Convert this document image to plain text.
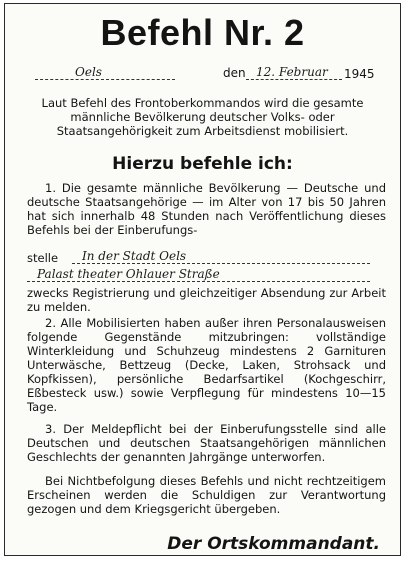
Befehl Nr. 2
Oels	den 12. Februar 1945

Laut Befehl des Frontoberkommandos wird die gesamte männliche Bevölkerung deutscher Volks- oder Staatsangehörigkeit zum Arbeitsdienst mobilisiert.

Hierzu befehle ich:

1. Die gesamte männliche Bevölkerung — Deutsche und deutsche Staatsangehörige — im Alter von 17 bis 50 Jahren hat sich innerhalb 48 Stunden nach Veröffentlichung dieses Befehls bei der Einberufungs-

stelle In der Stadt Oels
Palast theater Ohlauer Straße

zwecks Registrierung und gleichzeitiger Absendung zur Arbeit zu melden.

2. Alle Mobilisierten haben außer ihren Personalausweisen folgende Gegenstände mitzubringen: vollständige Winterkleidung und Schuhzeug mindestens 2 Garnituren Unterwäsche, Bettzeug (Decke, Laken, Strohsack und Kopfkissen), persönliche Bedarfsartikel (Kochgeschirr, Eßbesteck usw.) sowie Verpflegung für mindestens 10—15 Tage.

3. Der Meldepflicht bei der Einberufungsstelle sind alle Deutschen und deutschen Staatsangehörigen männlichen Geschlechts der genannten Jahrgänge unterworfen.

Bei Nichtbefolgung dieses Befehls und nicht rechtzeitigem Erscheinen werden die Schuldigen zur Verantwortung gezogen und dem Kriegsgericht übergeben.

Der Ortskommandant.
